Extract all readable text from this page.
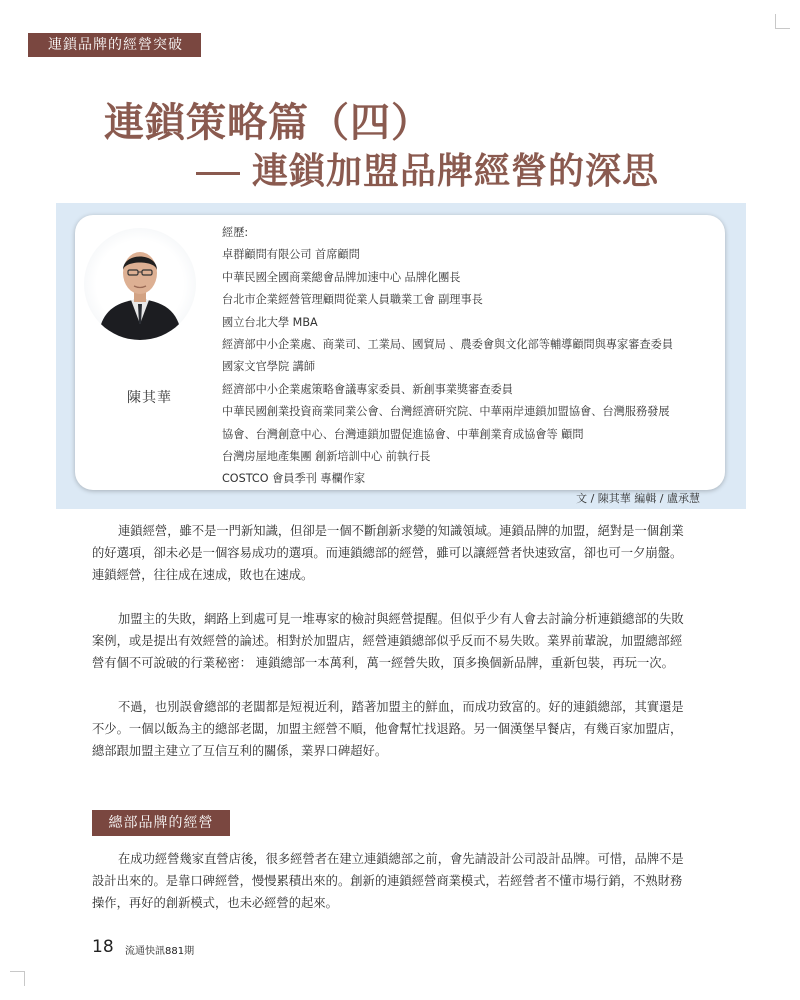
連鎖品牌的經營突破
連鎖策略篇（四）
連鎖加盟品牌經營的深思
陳其華
經歷:
卓群顧問有限公司 首席顧問
中華民國全國商業總會品牌加速中心 品牌化團長
台北市企業經營管理顧問從業人員職業工會 副理事長
國立台北大學 MBA
經濟部中小企業處、商業司、工業局、國貿局 、農委會與文化部等輔導顧問與專家審查委員
國家文官學院 講師
經濟部中小企業處策略會議專家委員、新創事業獎審查委員
中華民國創業投資商業同業公會、台灣經濟研究院、中華兩岸連鎖加盟協會、台灣服務發展
協會、台灣創意中心、台灣連鎖加盟促進協會、中華創業育成協會等 顧問
台灣房屋地產集團 創新培訓中心 前執行長
COSTCO 會員季刊 專欄作家
文 / 陳其華 編輯 / 盧承慧

連鎖經營，雖不是一門新知識，但卻是一個不斷創新求變的知識領域。連鎖品牌的加盟，絕對是一個創業
的好選項，卻未必是一個容易成功的選項。而連鎖總部的經營，雖可以讓經營者快速致富，卻也可一夕崩盤。
連鎖經營，往往成在速成，敗也在速成。

加盟主的失敗，網路上到處可見一堆專家的檢討與經營提醒。但似乎少有人會去討論分析連鎖總部的失敗
案例，或是提出有效經營的論述。相對於加盟店，經營連鎖總部似乎反而不易失敗。業界前輩說，加盟總部經
營有個不可說破的行業秘密： 連鎖總部一本萬利，萬一經營失敗，頂多換個新品牌，重新包裝，再玩一次。

不過，也別誤會總部的老闆都是短視近利，踏著加盟主的鮮血，而成功致富的。好的連鎖總部，其實還是
不少。一個以飯為主的總部老闆，加盟主經營不順，他會幫忙找退路。另一個漢堡早餐店，有幾百家加盟店，
總部跟加盟主建立了互信互利的關係，業界口碑超好。

總部品牌的經營

在成功經營幾家直營店後，很多經營者在建立連鎖總部之前，會先請設計公司設計品牌。可惜，品牌不是
設計出來的。是靠口碑經營，慢慢累積出來的。創新的連鎖經營商業模式，若經營者不懂市場行銷，不熟財務
操作，再好的創新模式，也未必經營的起來。

18 流通快訊881期
